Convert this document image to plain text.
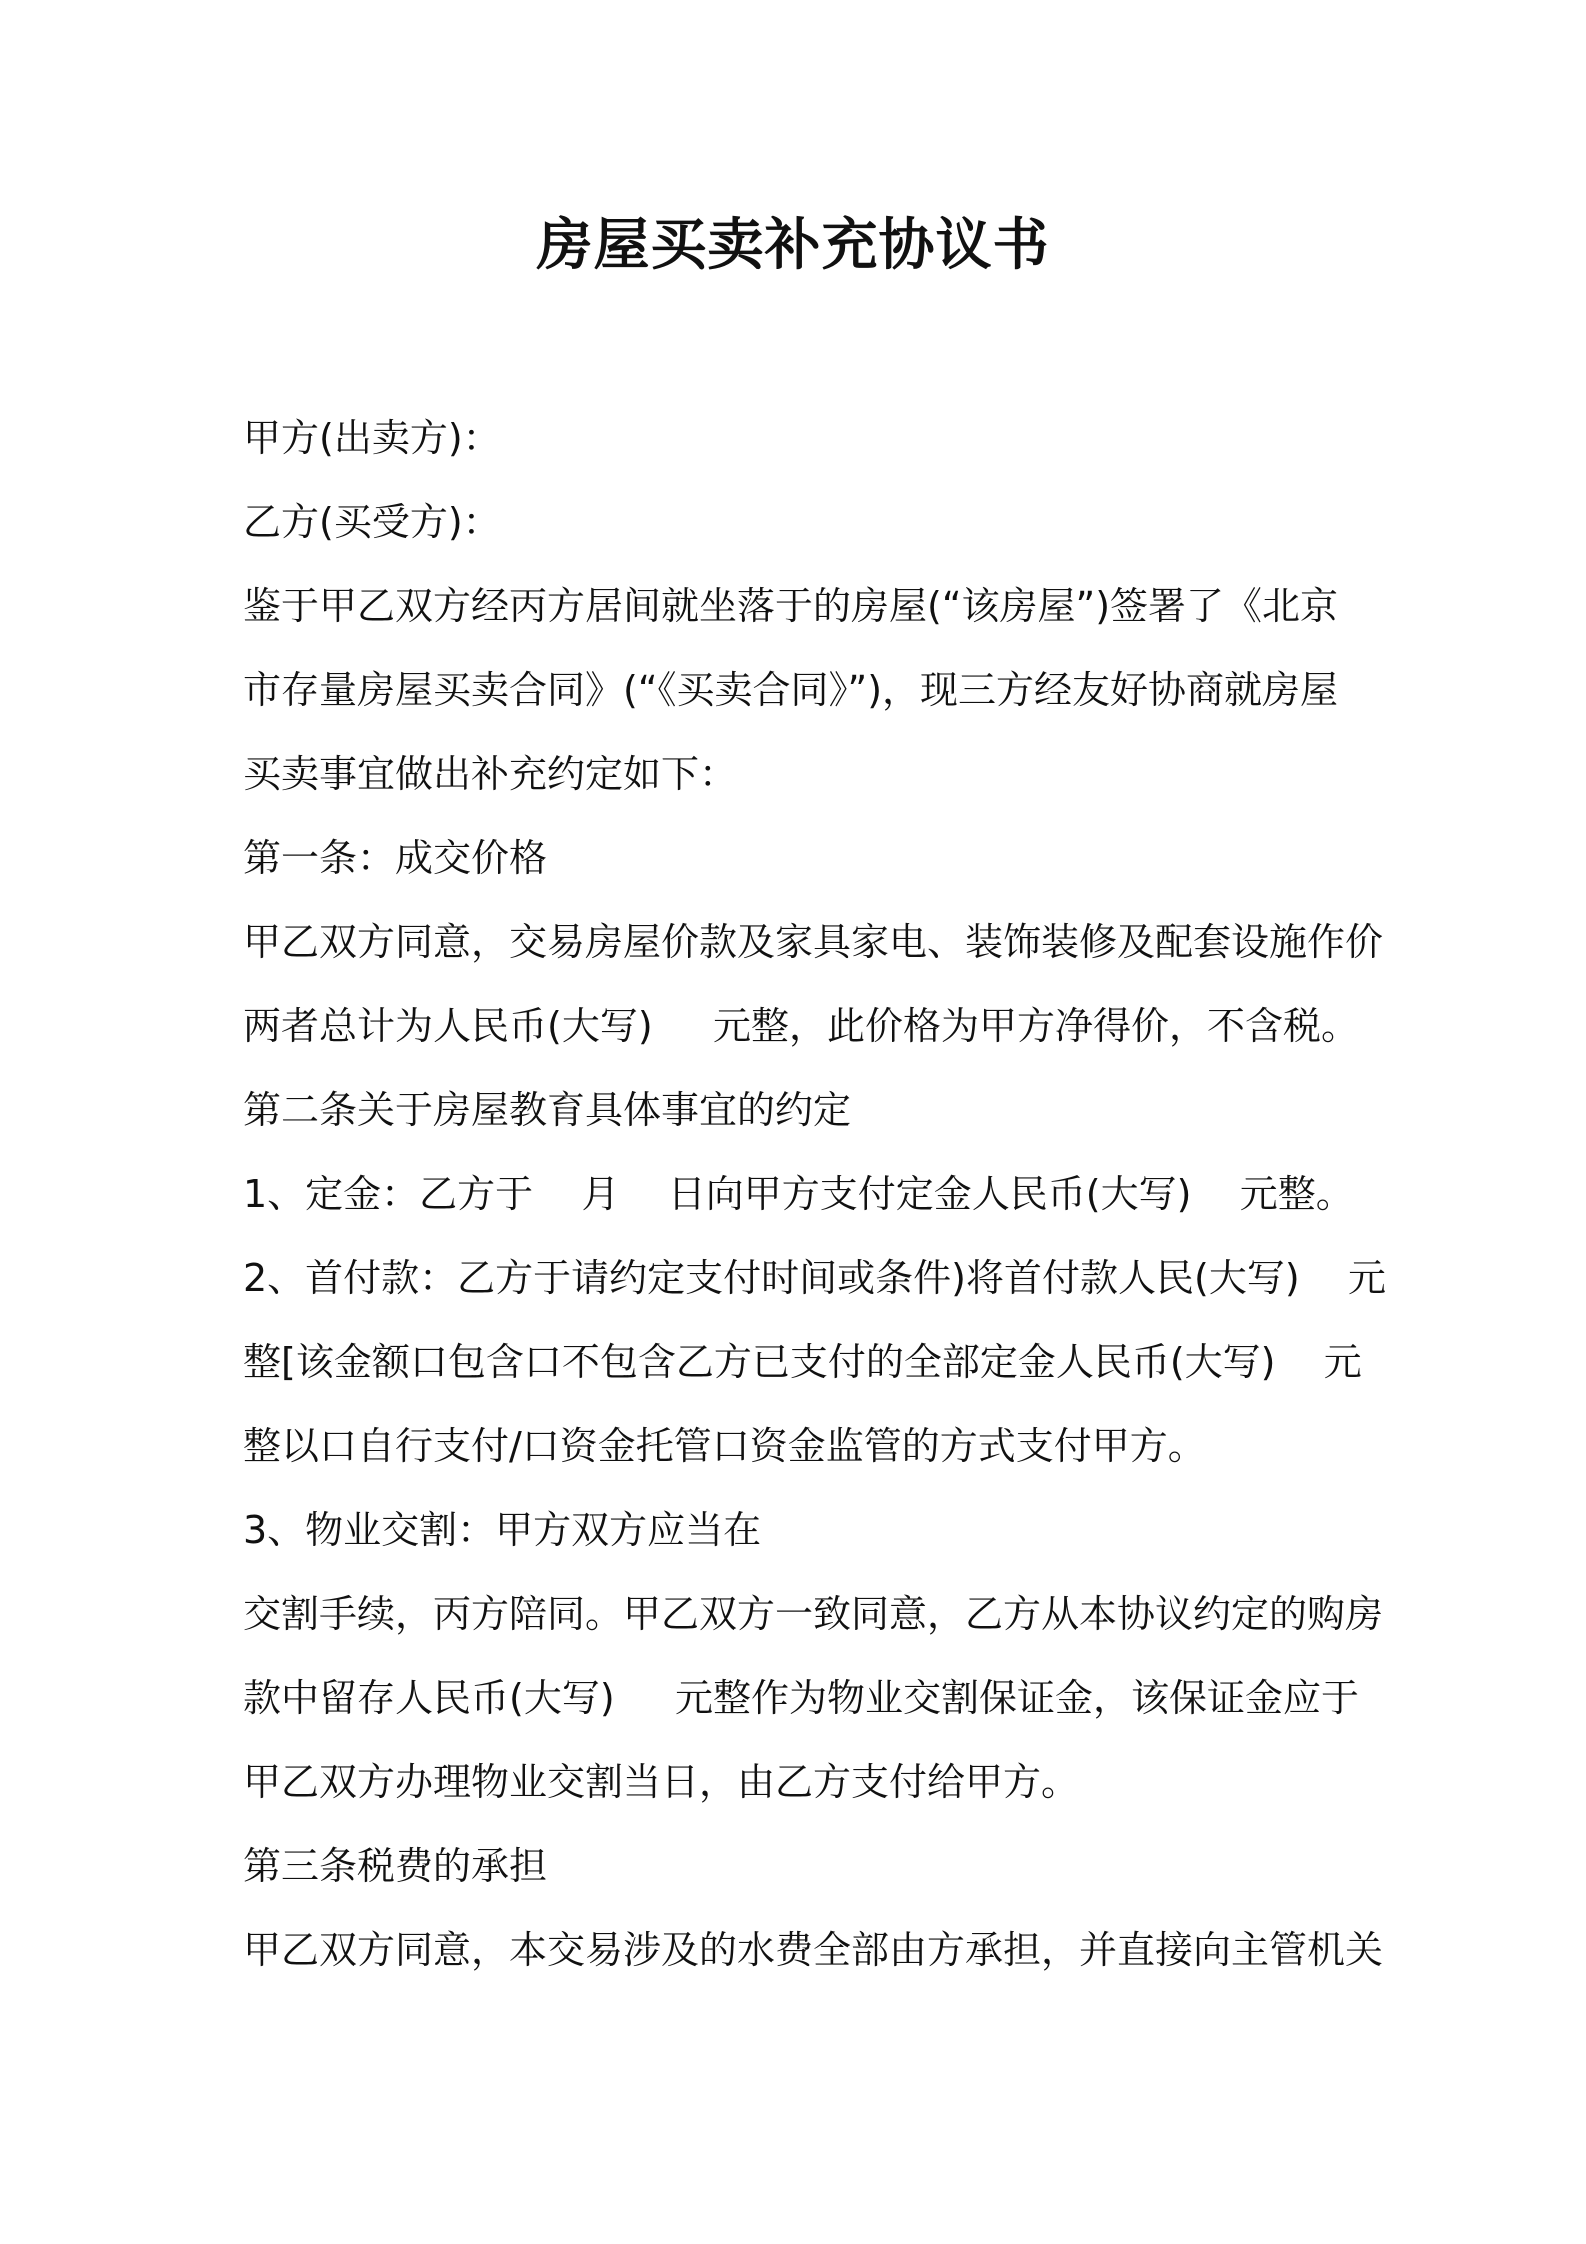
房屋买卖补充协议书

甲方(出卖方)：

乙方(买受方)：

鉴于甲乙双方经丙方居间就坐落于的房屋(“该房屋”)签署了《北京

市存量房屋买卖合同》(“《买卖合同》”)，现三方经友好协商就房屋

买卖事宜做出补充约定如下：

第一条：成交价格

甲乙双方同意，交易房屋价款及家具家电、装饰装修及配套设施作价

两者总计为人民币(大写)     元整，此价格为甲方净得价，不含税。

第二条关于房屋教育具体事宜的约定

1、定金：乙方于    月    日向甲方支付定金人民币(大写)    元整。

2、首付款：乙方于请约定支付时间或条件)将首付款人民(大写)    元

整[该金额口包含口不包含乙方已支付的全部定金人民币(大写)    元

整以口自行支付/口资金托管口资金监管的方式支付甲方。

3、物业交割：甲方双方应当在

交割手续，丙方陪同。甲乙双方一致同意，乙方从本协议约定的购房

款中留存人民币(大写)     元整作为物业交割保证金，该保证金应于

甲乙双方办理物业交割当日，由乙方支付给甲方。

第三条税费的承担

甲乙双方同意，本交易涉及的水费全部由方承担，并直接向主管机关
